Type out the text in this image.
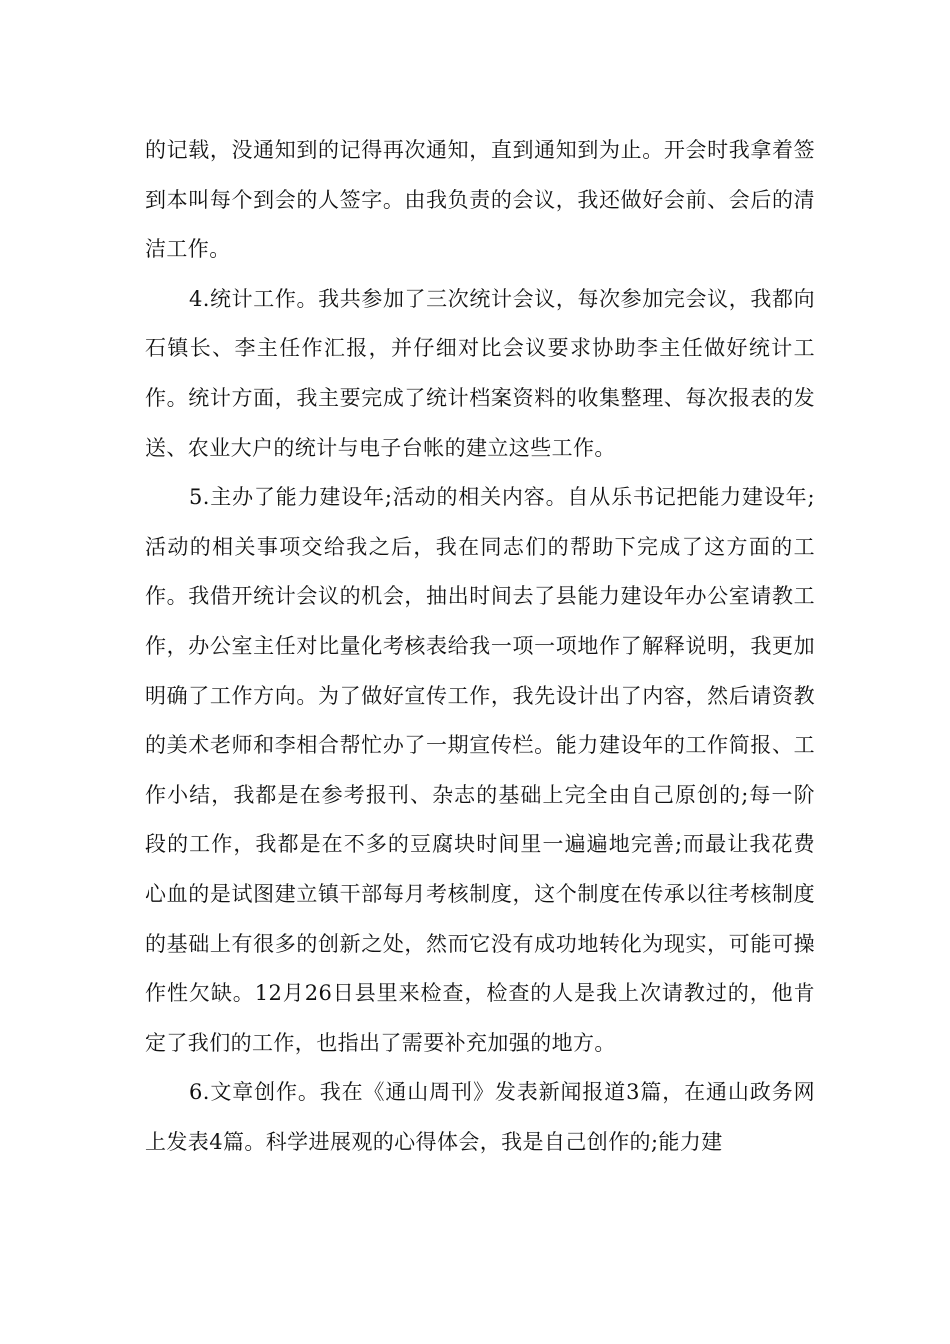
的记载，没通知到的记得再次通知，直到通知到为止。开会时我拿着签到本叫每个到会的人签字。由我负责的会议，我还做好会前、会后的清洁工作。

4.统计工作。我共参加了三次统计会议，每次参加完会议，我都向石镇长、李主任作汇报，并仔细对比会议要求协助李主任做好统计工作。统计方面，我主要完成了统计档案资料的收集整理、每次报表的发送、农业大户的统计与电子台帐的建立这些工作。

5.主办了能力建设年;活动的相关内容。自从乐书记把能力建设年;活动的相关事项交给我之后，我在同志们的帮助下完成了这方面的工作。我借开统计会议的机会，抽出时间去了县能力建设年办公室请教工作，办公室主任对比量化考核表给我一项一项地作了解释说明，我更加明确了工作方向。为了做好宣传工作，我先设计出了内容，然后请资教的美术老师和李相合帮忙办了一期宣传栏。能力建设年的工作简报、工作小结，我都是在参考报刊、杂志的基础上完全由自己原创的;每一阶段的工作，我都是在不多的豆腐块时间里一遍遍地完善;而最让我花费心血的是试图建立镇干部每月考核制度，这个制度在传承以往考核制度的基础上有很多的创新之处，然而它没有成功地转化为现实，可能可操作性欠缺。12月26日县里来检查，检查的人是我上次请教过的，他肯定了我们的工作，也指出了需要补充加强的地方。

6.文章创作。我在《通山周刊》发表新闻报道3篇，在通山政务网上发表4篇。科学进展观的心得体会，我是自己创作的;能力建
